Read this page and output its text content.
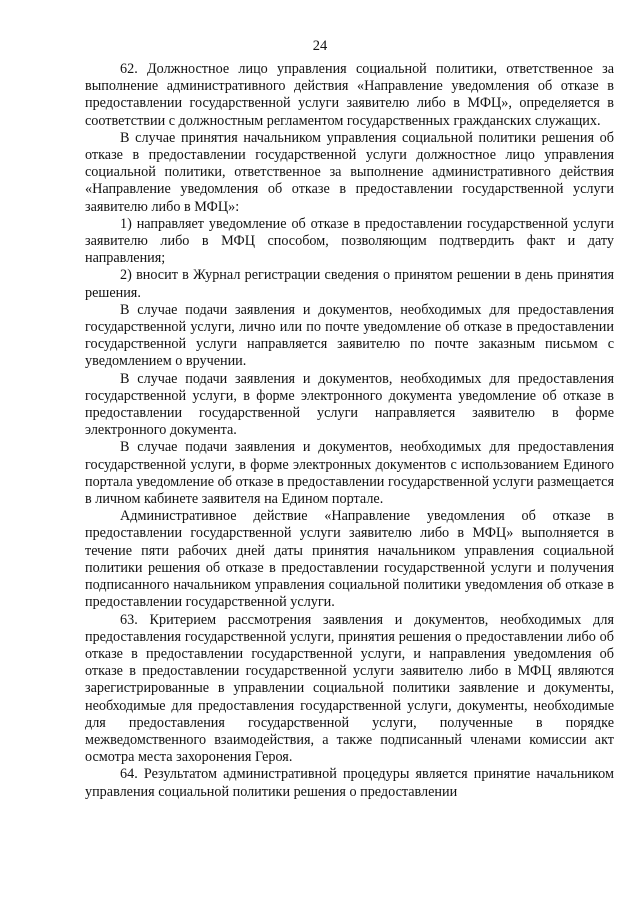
24

62. Должностное лицо управления социальной политики, ответственное за выполнение административного действия «Направление уведомления об отказе в предоставлении государственной услуги заявителю либо в МФЦ», определяется в соответствии с должностным регламентом государственных гражданских служащих.

В случае принятия начальником управления социальной политики решения об отказе в предоставлении государственной услуги должностное лицо управления социальной политики, ответственное за выполнение административного действия «Направление уведомления об отказе в предоставлении государственной услуги заявителю либо в МФЦ»:

1) направляет уведомление об отказе в предоставлении государственной услуги заявителю либо в МФЦ способом, позволяющим подтвердить факт и дату направления;

2) вносит в Журнал регистрации сведения о принятом решении в день принятия решения.

В случае подачи заявления и документов, необходимых для предоставления государственной услуги, лично или по почте уведомление об отказе в предоставлении государственной услуги направляется заявителю по почте заказным письмом с уведомлением о вручении.

В случае подачи заявления и документов, необходимых для предоставления государственной услуги, в форме электронного документа уведомление об отказе в предоставлении государственной услуги направляется заявителю в форме электронного документа.

В случае подачи заявления и документов, необходимых для предоставления государственной услуги, в форме электронных документов с использованием Единого портала уведомление об отказе в предоставлении государственной услуги размещается в личном кабинете заявителя на Едином портале.

Административное действие «Направление уведомления об отказе в предоставлении государственной услуги заявителю либо в МФЦ» выполняется в течение пяти рабочих дней даты принятия начальником управления социальной политики решения об отказе в предоставлении государственной услуги и получения подписанного начальником управления социальной политики уведомления об отказе в предоставлении государственной услуги.

63. Критерием рассмотрения заявления и документов, необходимых для предоставления государственной услуги, принятия решения о предоставлении либо об отказе в предоставлении государственной услуги, и направления уведомления об отказе в предоставлении государственной услуги заявителю либо в МФЦ являются зарегистрированные в управлении социальной политики заявление и документы, необходимые для предоставления государственной услуги, документы, необходимые для предоставления государственной услуги, полученные в порядке межведомственного взаимодействия, а также подписанный членами комиссии акт осмотра места захоронения Героя.

64. Результатом административной процедуры является принятие начальником управления социальной политики решения о предоставлении
